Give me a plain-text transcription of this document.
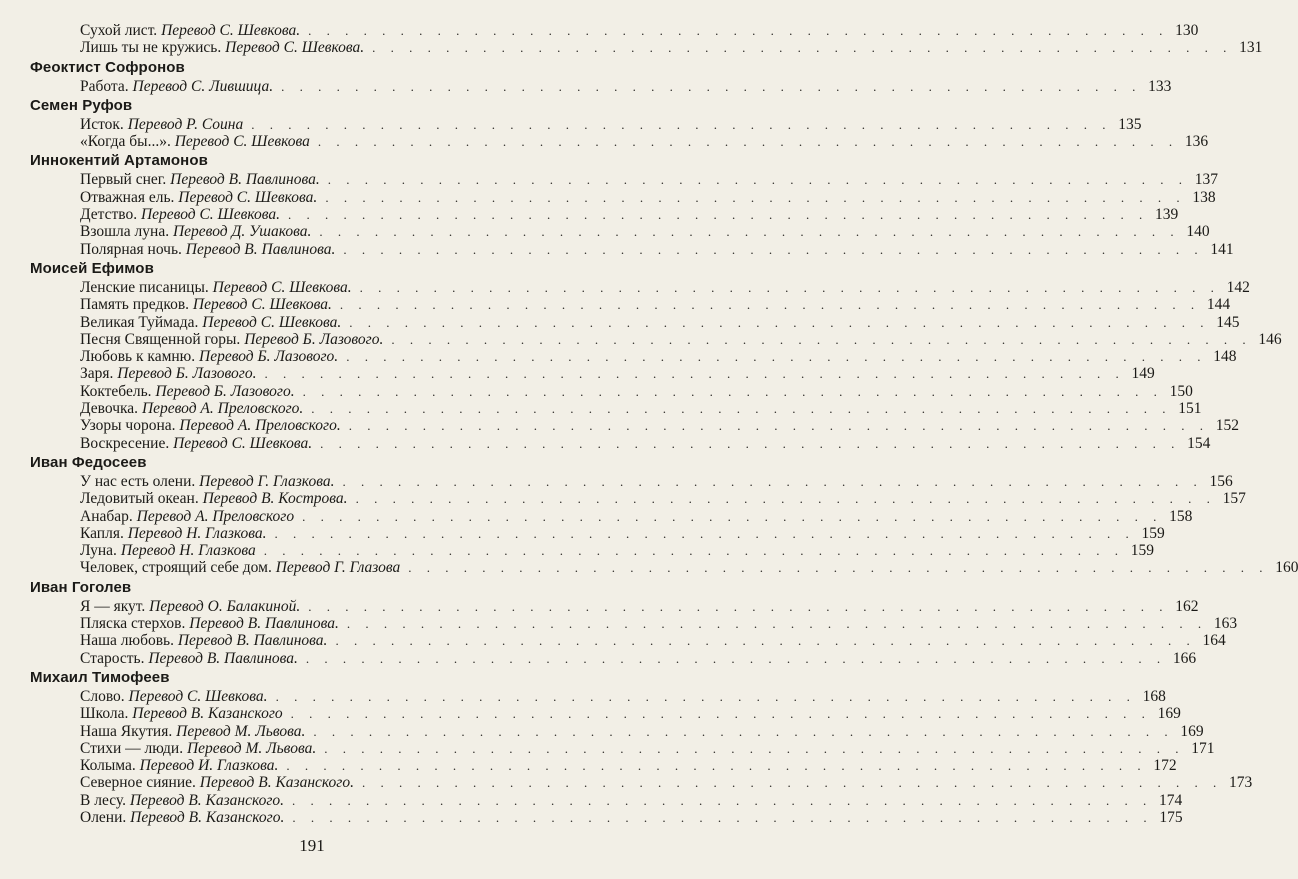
Сухой лист. Перевод С. Шевкова. . . .	130
Лишь ты не кружись. Перевод С. Шевкова. . . .	131
Феоктист Софронов
Работа. Перевод С. Лившица. . . .	133
Семен Руфов
Исток. Перевод Р. Соина . . .	135
«Когда бы...». Перевод С. Шевкова . . .	136
Иннокентий Артамонов
Первый снег. Перевод В. Павлинова. . . .	137
Отважная ель. Перевод С. Шевкова. . . .	138
Детство. Перевод С. Шевкова. . . .	139
Взошла луна. Перевод Д. Ушакова. . . .	140
Полярная ночь. Перевод В. Павлинова. . . .	141
Моисей Ефимов
Ленские писаницы. Перевод С. Шевкова. . . .	142
Память предков. Перевод С. Шевкова. . . .	144
Великая Туймада. Перевод С. Шевкова. . . .	145
Песня Священной горы. Перевод Б. Лазового. . . .	146
Любовь к камню. Перевод Б. Лазового. . . .	148
Заря. Перевод Б. Лазового. . . .	149
Коктебель. Перевод Б. Лазового. . . .	150
Девочка. Перевод А. Преловского. . . .	151
Узоры чорона. Перевод А. Преловского. . . .	152
Воскресение. Перевод С. Шевкова. . . .	154
Иван Федосеев
У нас есть олени. Перевод Г. Глазкова. . . .	156
Ледовитый океан. Перевод В. Кострова. . . .	157
Анабар. Перевод А. Преловского . . .	158
Капля. Перевод Н. Глазкова. . . .	159
Луна. Перевод Н. Глазкова . . .	159
Человек, строящий себе дом. Перевод Г. Глазова . . .	160
Иван Гоголев
Я — якут. Перевод О. Балакиной. . . .	162
Пляска стерхов. Перевод В. Павлинова. . . .	163
Наша любовь. Перевод В. Павлинова. . . .	164
Старость. Перевод В. Павлинова. . . .	166
Михаил Тимофеев
Слово. Перевод С. Шевкова. . . .	168
Школа. Перевод В. Казанского . . .	169
Наша Якутия. Перевод М. Львова. . . .	169
Стихи — люди. Перевод М. Львова. . . .	171
Колыма. Перевод И. Глазкова. . . .	172
Северное сияние. Перевод В. Казанского. . . .	173
В лесу. Перевод В. Казанского. . . .	174
Олени. Перевод В. Казанского. . . .	175
191
